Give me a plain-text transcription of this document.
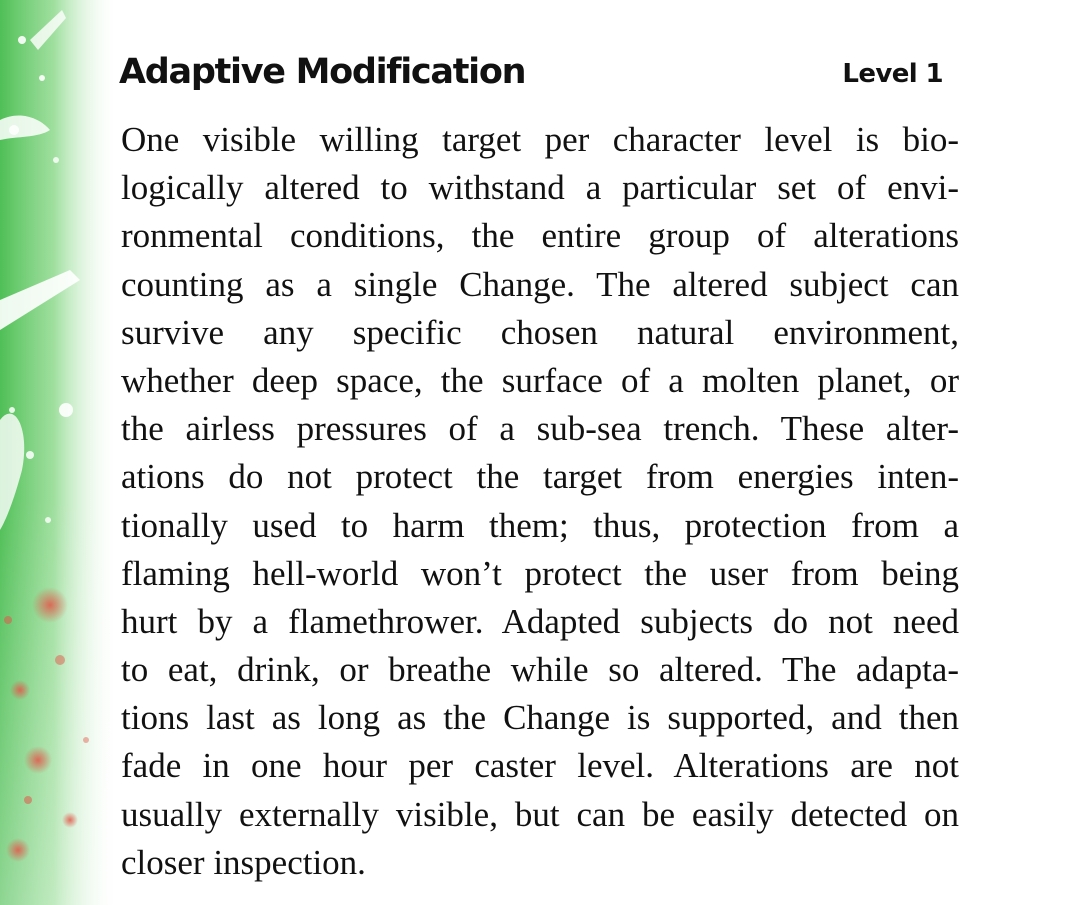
Adaptive Modification	Level 1
One visible willing target per character level is bio-
logically altered to withstand a particular set of envi-
ronmental conditions, the entire group of alterations
counting as a single Change. The altered subject can
survive any specific chosen natural environment,
whether deep space, the surface of a molten planet, or
the airless pressures of a sub-sea trench. These alter-
ations do not protect the target from energies inten-
tionally used to harm them; thus, protection from a
flaming hell-world won’t protect the user from being
hurt by a flamethrower. Adapted subjects do not need
to eat, drink, or breathe while so altered. The adapta-
tions last as long as the Change is supported, and then
fade in one hour per caster level. Alterations are not
usually externally visible, but can be easily detected on
closer inspection.
